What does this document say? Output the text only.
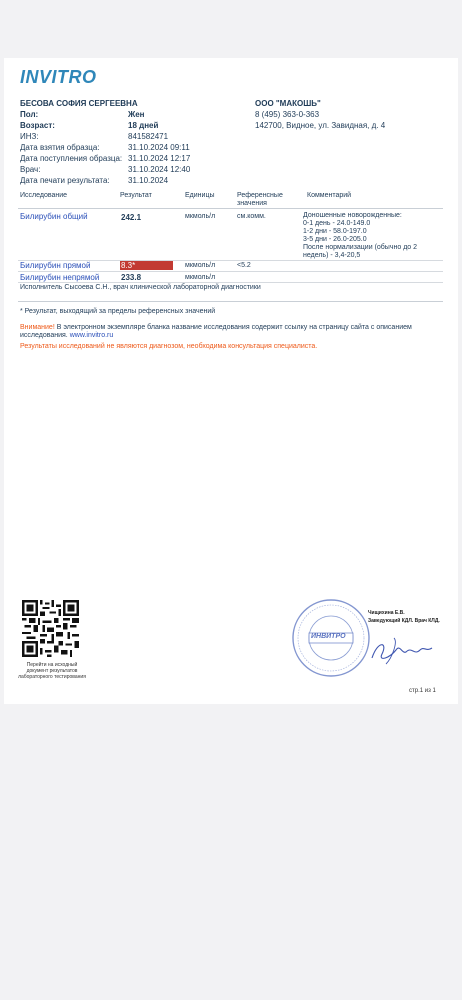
INVITRO
БЕСОВА СОФИЯ СЕРГЕЕВНА	ООО "МАКОШЬ"
8 (495) 363-0-363
142700, Видное, ул. Завидная, д. 4
Пол:	Жен
Возраст:	18 дней
ИНЗ:	841582471
Дата взятия образца:	31.10.2024 09:11
Дата поступления образца: 31.10.2024 12:17
Врач:	31.10.2024 12:40
Дата печати результата: 31.10.2024
Исследование	Результат	Единицы	Референсные значения
Комментарий
Билирубин общий	242.1	мкмоль/л	см.комм.	Доношенные новорожденные:
0-1 день - 24.0-149.0
1-2 дни - 58.0-197.0
3-5 дни - 26.0-205.0
После нормализации (обычно до 2
недель) - 3,4-20,5
Билирубин прямой	8.3*	мкмоль/л	<5.2
Билирубин непрямой	233.8	мкмоль/л
Исполнитель Сысоева С.Н., врач клинической лабораторной диагностики
* Результат, выходящий за пределы референсных значений
Внимание! В электронном экземпляре бланка название исследования содержит ссылку на страницу сайта с описанием исследования. www.invitro.ru
Результаты исследований не являются диагнозом, необходима консультация специалиста.
Перейти на исходный
документ результатов
лабораторного тестирования
ИНВИТРО
Чищихина Е.В.
Заведующий КДЛ. Врач КЛД.
стр.1 из 1
